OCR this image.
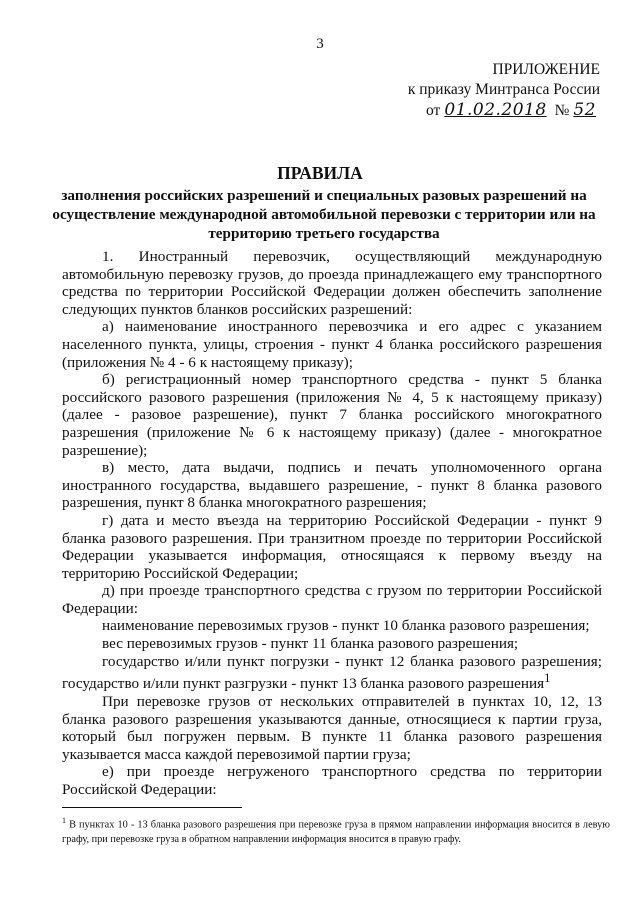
3
ПРИЛОЖЕНИЕ
к приказу Минтранса России
от 01.02.2018 № 52
ПРАВИЛА
заполнения российских разрешений и специальных разовых разрешений на осуществление международной автомобильной перевозки с территории или на территорию третьего государства

1. Иностранный перевозчик, осуществляющий международную автомобильную перевозку грузов, до проезда принадлежащего ему транспортного средства по территории Российской Федерации должен обеспечить заполнение следующих пунктов бланков российских разрешений:

а) наименование иностранного перевозчика и его адрес с указанием населенного пункта, улицы, строения - пункт 4 бланка российского разрешения (приложения № 4 - 6 к настоящему приказу);

б) регистрационный номер транспортного средства - пункт 5 бланка российского разового разрешения (приложения № 4, 5 к настоящему приказу) (далее - разовое разрешение), пункт 7 бланка российского многократного разрешения (приложение № 6 к настоящему приказу) (далее - многократное разрешение);

в) место, дата выдачи, подпись и печать уполномоченного органа иностранного государства, выдавшего разрешение, - пункт 8 бланка разового разрешения, пункт 8 бланка многократного разрешения;

г) дата и место въезда на территорию Российской Федерации - пункт 9 бланка разового разрешения. При транзитном проезде по территории Российской Федерации указывается информация, относящаяся к первому въезду на территорию Российской Федерации;

д) при проезде транспортного средства с грузом по территории Российской Федерации:

наименование перевозимых грузов - пункт 10 бланка разового разрешения;

вес перевозимых грузов - пункт 11 бланка разового разрешения;

государство и/или пункт погрузки - пункт 12 бланка разового разрешения; государство и/или пункт разгрузки - пункт 13 бланка разового разрешения$^1$

При перевозке грузов от нескольких отправителей в пунктах 10, 12, 13 бланка разового разрешения указываются данные, относящиеся к партии груза, который был погружен первым. В пункте 11 бланка разового разрешения указывается масса каждой перевозимой партии груза;

е) при проезде негруженого транспортного средства по территории Российской Федерации:

$^1$ В пунктах 10 - 13 бланка разового разрешения при перевозке груза в прямом направлении информация вносится в левую графу, при перевозке груза в обратном направлении информация вносится в правую графу.
